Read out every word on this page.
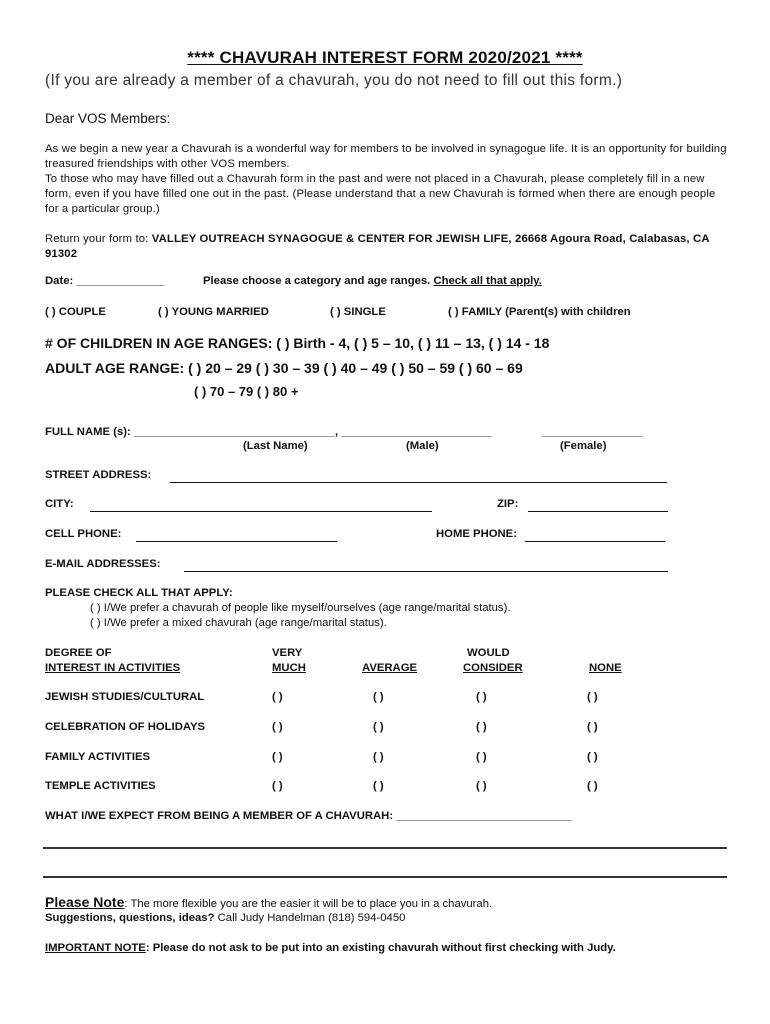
**** CHAVURAH INTEREST FORM 2020/2021 ****
(If you are already a member of a chavurah, you do not need to fill out this form.)
Dear VOS Members:
As we begin a new year a Chavurah is a wonderful way for members to be involved in synagogue life. It is an opportunity for building treasured friendships with other VOS members.
To those who may have filled out a Chavurah form in the past and were not placed in a Chavurah, please completely fill in a new form, even if you have filled one out in the past. (Please understand that a new Chavurah is formed when there are enough people for a particular group.)
Return your form to: VALLEY OUTREACH SYNAGOGUE & CENTER FOR JEWISH LIFE, 26668 Agoura Road, Calabasas, CA 91302
Date: ______________	Please choose a category and age ranges. Check all that apply.
( ) COUPLE	( ) YOUNG MARRIED	( ) SINGLE	( ) FAMILY (Parent(s) with children
# OF CHILDREN IN AGE RANGES: ( ) Birth - 4, ( ) 5 – 10, ( ) 11 – 13, ( ) 14 - 18
ADULT AGE RANGE: ( ) 20 – 29 ( ) 30 – 39 ( ) 40 – 49 ( ) 50 – 59 ( ) 60 – 69
( ) 70 – 79 ( ) 80 +
FULL NAME (s): ________________________________, ________________________	________________
(Last Name)	(Male)	(Female)
STREET ADDRESS:
CITY:	ZIP:
CELL PHONE:	HOME PHONE:
E-MAIL ADDRESSES:
PLEASE CHECK ALL THAT APPLY:
( ) I/We prefer a chavurah of people like myself/ourselves (age range/marital status).
( ) I/We prefer a mixed chavurah (age range/marital status).
DEGREE OF
INTEREST IN ACTIVITIES
VERY
MUCH	AVERAGE
WOULD
CONSIDER	NONE
JEWISH STUDIES/CULTURAL	( )	( )	( )	( )
CELEBRATION OF HOLIDAYS	( )	( )	( )	( )
FAMILY ACTIVITIES	( )	( )	( )	( )
TEMPLE ACTIVITIES	( )	( )	( )	( )
WHAT I/WE EXPECT FROM BEING A MEMBER OF A CHAVURAH: ____________________________
Please Note: The more flexible you are the easier it will be to place you in a chavurah.
Suggestions, questions, ideas? Call Judy Handelman (818) 594-0450
IMPORTANT NOTE: Please do not ask to be put into an existing chavurah without first checking with Judy.
